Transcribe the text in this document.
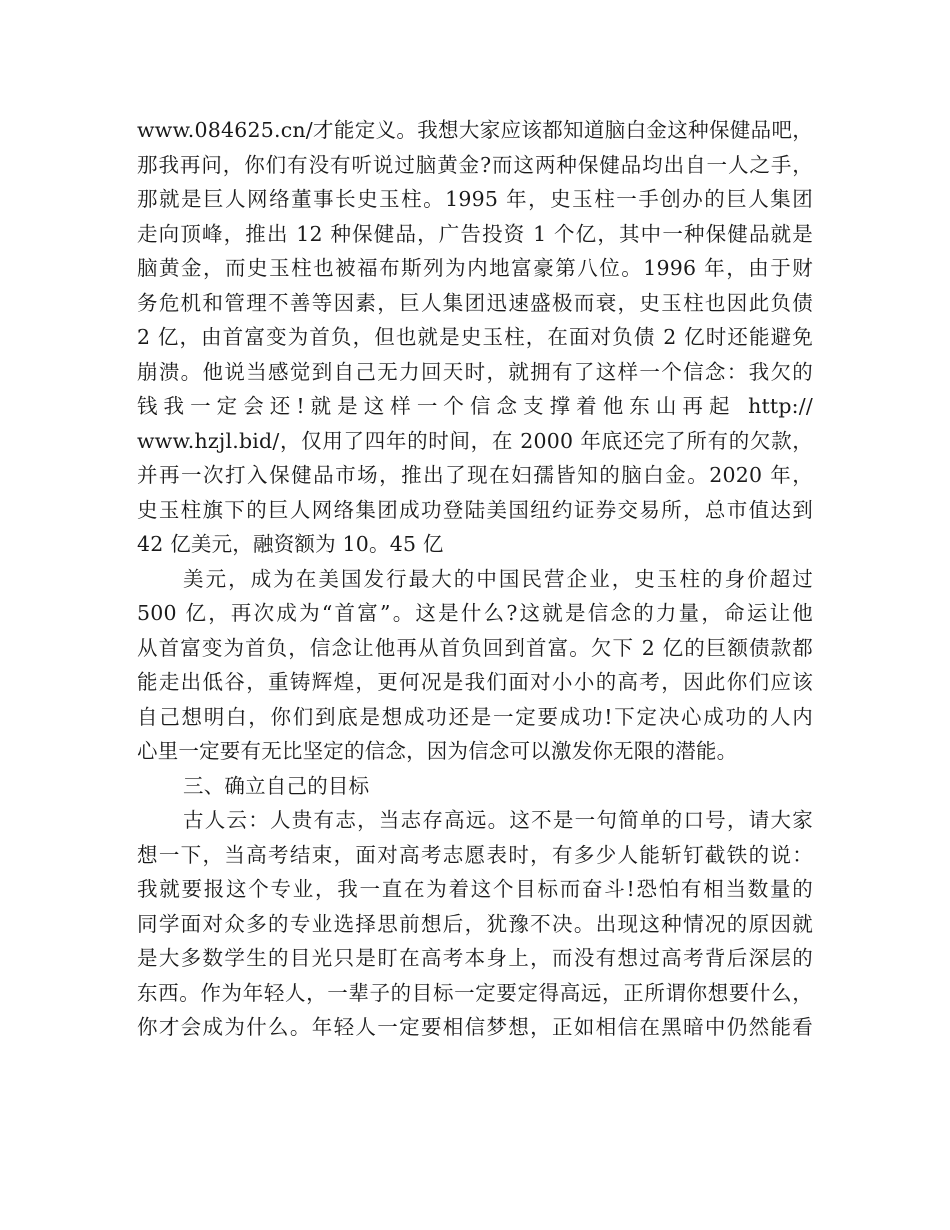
www.084625.cn/才能定义。我想大家应该都知道脑白金这种保健品吧，
那我再问，你们有没有听说过脑黄金?而这两种保健品均出自一人之手，
那就是巨人网络董事长史玉柱。1995 年，史玉柱一手创办的巨人集团
走向顶峰，推出 12 种保健品，广告投资 1 个亿，其中一种保健品就是
脑黄金，而史玉柱也被福布斯列为内地富豪第八位。1996 年，由于财
务危机和管理不善等因素，巨人集团迅速盛极而衰，史玉柱也因此负债
2 亿，由首富变为首负，但也就是史玉柱，在面对负债 2 亿时还能避免
崩溃。他说当感觉到自己无力回天时，就拥有了这样一个信念：我欠的
钱我一定会还!就是这样一个信念支撑着他东山再起 http://
www.hzjl.bid/，仅用了四年的时间，在 2000 年底还完了所有的欠款，
并再一次打入保健品市场，推出了现在妇孺皆知的脑白金。2020 年，
史玉柱旗下的巨人网络集团成功登陆美国纽约证券交易所，总市值达到
42 亿美元，融资额为 10。45 亿
美元，成为在美国发行最大的中国民营企业，史玉柱的身价超过
500 亿，再次成为“首富”。这是什么?这就是信念的力量，命运让他
从首富变为首负，信念让他再从首负回到首富。欠下 2 亿的巨额债款都
能走出低谷，重铸辉煌，更何况是我们面对小小的高考，因此你们应该
自己想明白，你们到底是想成功还是一定要成功!下定决心成功的人内
心里一定要有无比坚定的信念，因为信念可以激发你无限的潜能。
三、确立自己的目标
古人云：人贵有志，当志存高远。这不是一句简单的口号，请大家
想一下，当高考结束，面对高考志愿表时，有多少人能斩钉截铁的说：
我就要报这个专业，我一直在为着这个目标而奋斗!恐怕有相当数量的
同学面对众多的专业选择思前想后，犹豫不决。出现这种情况的原因就
是大多数学生的目光只是盯在高考本身上，而没有想过高考背后深层的
东西。作为年轻人，一辈子的目标一定要定得高远，正所谓你想要什么，
你才会成为什么。年轻人一定要相信梦想，正如相信在黑暗中仍然能看
